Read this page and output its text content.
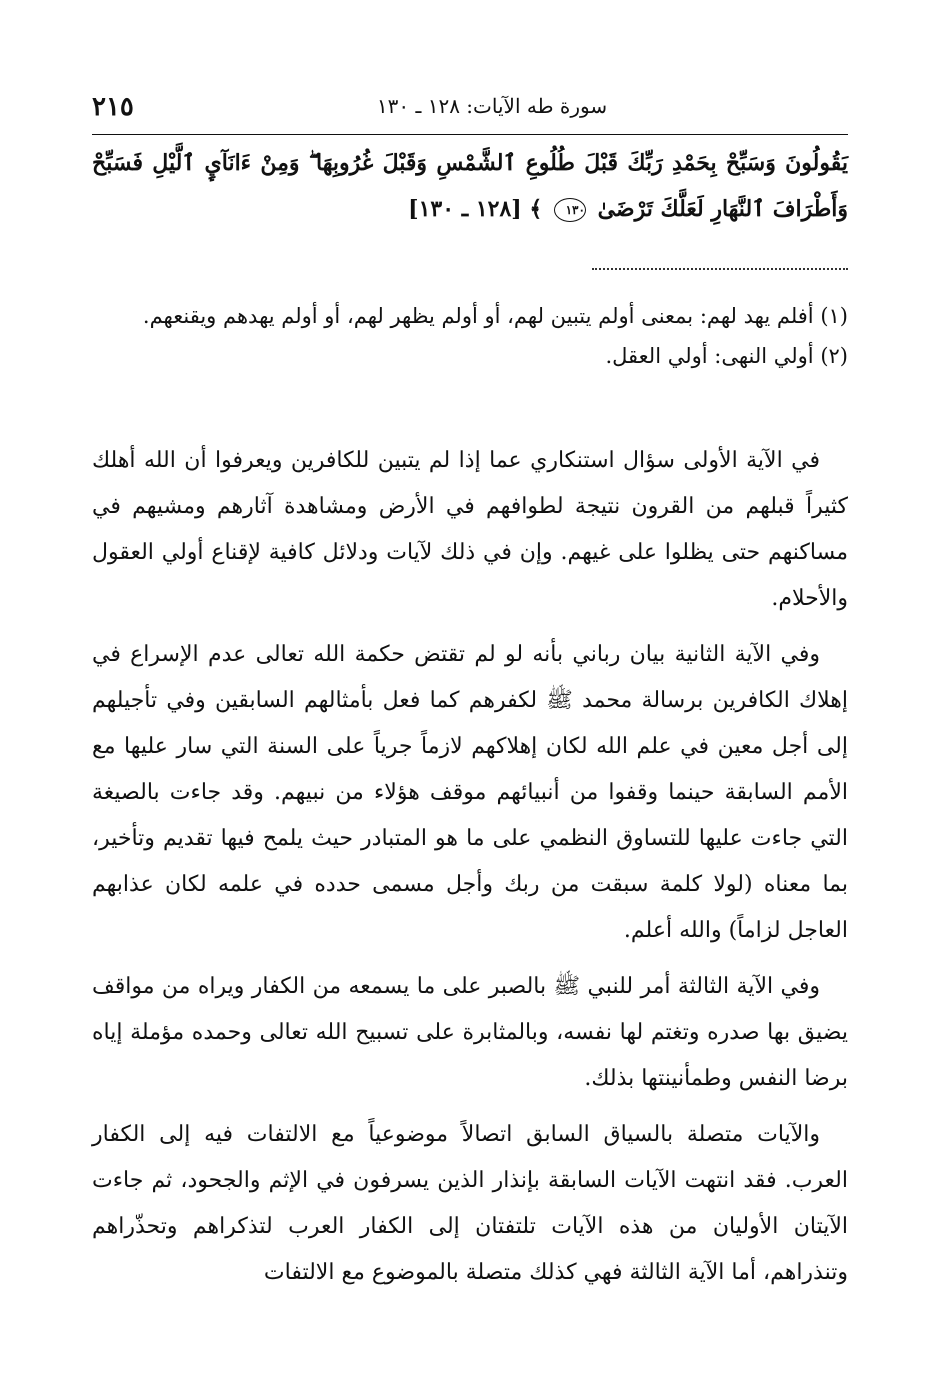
٢١٥	سورة طه الآيات: ١٢٨ ـ ١٣٠
يَقُولُونَ وَسَبِّحْ بِحَمْدِ رَبِّكَ قَبْلَ طُلُوعِ ٱلشَّمْسِ وَقَبْلَ غُرُوبِهَا ۖ وَمِنْ ءَانَآيِٕ ٱلَّيْلِ فَسَبِّحْ وَأَطْرَافَ ٱلنَّهَارِ لَعَلَّكَ تَرْضَىٰ ١٣٠ ﴾ [١٢٨ ـ ١٣٠]

(١) أفلم يهد لهم: بمعنى أولم يتبين لهم، أو أولم يظهر لهم، أو أولم يهدهم ويقنعهم.

(٢) أولي النهى: أولي العقل.

في الآية الأولى سؤال استنكاري عما إذا لم يتبين للكافرين ويعرفوا أن الله أهلك كثيراً قبلهم من القرون نتيجة لطوافهم في الأرض ومشاهدة آثارهم ومشيهم في مساكنهم حتى يظلوا على غيهم. وإن في ذلك لآيات ودلائل كافية لإقناع أولي العقول والأحلام.

وفي الآية الثانية بيان رباني بأنه لو لم تقتض حكمة الله تعالى عدم الإسراع في إهلاك الكافرين برسالة محمد ﷺ لكفرهم كما فعل بأمثالهم السابقين وفي تأجيلهم إلى أجل معين في علم الله لكان إهلاكهم لازماً جرياً على السنة التي سار عليها مع الأمم السابقة حينما وقفوا من أنبيائهم موقف هؤلاء من نبيهم. وقد جاءت بالصيغة التي جاءت عليها للتساوق النظمي على ما هو المتبادر حيث يلمح فيها تقديم وتأخير، بما معناه (لولا كلمة سبقت من ربك وأجل مسمى حدده في علمه لكان عذابهم العاجل لزاماً) والله أعلم.

وفي الآية الثالثة أمر للنبي ﷺ بالصبر على ما يسمعه من الكفار ويراه من مواقف يضيق بها صدره وتغتم لها نفسه، وبالمثابرة على تسبيح الله تعالى وحمده مؤملة إياه برضا النفس وطمأنينتها بذلك.

والآيات متصلة بالسياق السابق اتصالاً موضوعياً مع الالتفات فيه إلى الكفار العرب. فقد انتهت الآيات السابقة بإنذار الذين يسرفون في الإثم والجحود، ثم جاءت الآيتان الأوليان من هذه الآيات تلتفتان إلى الكفار العرب لتذكراهم وتحذّراهم وتنذراهم، أما الآية الثالثة فهي كذلك متصلة بالموضوع مع الالتفات
